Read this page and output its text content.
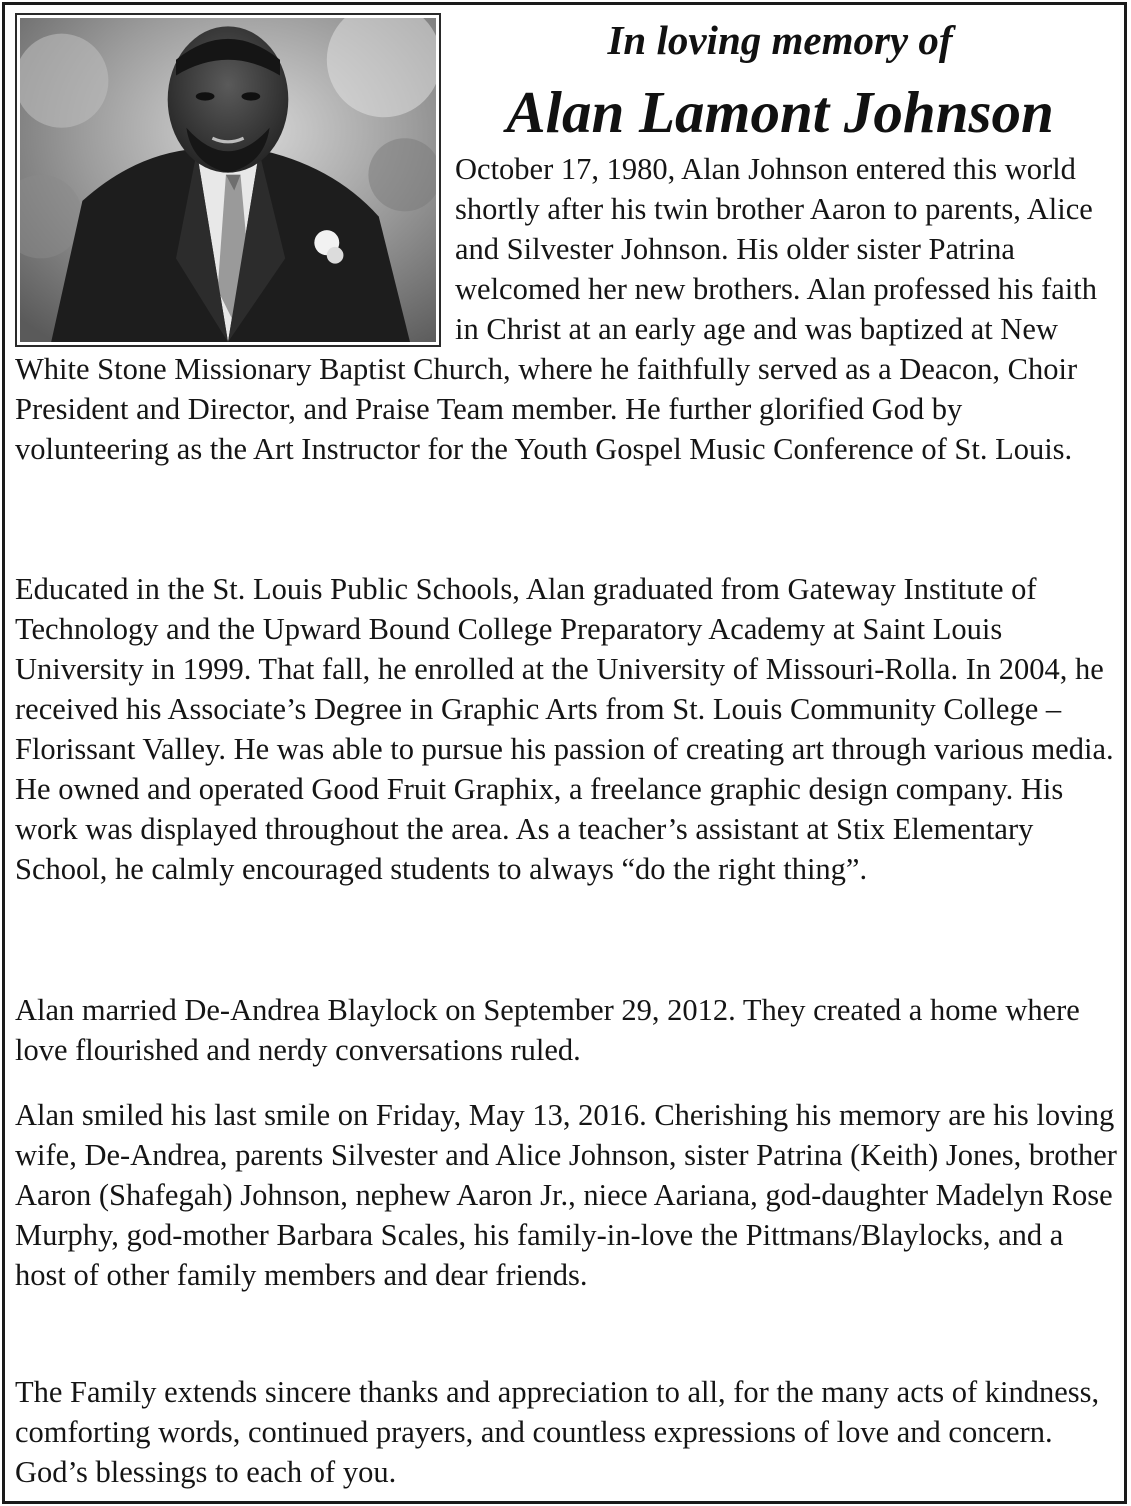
In loving memory of
Alan Lamont Johnson

October 17, 1980, Alan Johnson entered this world shortly after his twin brother Aaron to parents, Alice and Silvester Johnson. His older sister Patrina welcomed her new brothers. Alan professed his faith in Christ at an early age and was baptized at New White Stone Missionary Baptist Church, where he faithfully served as a Deacon, Choir President and Director, and Praise Team member. He further glorified God by volunteering as the Art Instructor for the Youth Gospel Music Conference of St. Louis.

Educated in the St. Louis Public Schools, Alan graduated from Gateway Institute of Technology and the Upward Bound College Preparatory Academy at Saint Louis University in 1999. That fall, he enrolled at the University of Missouri-Rolla. In 2004, he received his Associate’s Degree in Graphic Arts from St. Louis Community College – Florissant Valley. He was able to pursue his passion of creating art through various media. He owned and operated Good Fruit Graphix, a freelance graphic design company. His work was displayed throughout the area. As a teacher’s assistant at Stix Elementary School, he calmly encouraged students to always “do the right thing”.

Alan married De-Andrea Blaylock on September 29, 2012. They created a home where love flourished and nerdy conversations ruled.

Alan smiled his last smile on Friday, May 13, 2016. Cherishing his memory are his loving wife, De-Andrea, parents Silvester and Alice Johnson, sister Patrina (Keith) Jones, brother Aaron (Shafegah) Johnson, nephew Aaron Jr., niece Aariana, god-daughter Madelyn Rose Murphy, god-mother Barbara Scales, his family-in-love the Pittmans/Blaylocks, and a host of other family members and dear friends.

The Family extends sincere thanks and appreciation to all, for the many acts of kindness, comforting words, continued prayers, and countless expressions of love and concern. God’s blessings to each of you.
